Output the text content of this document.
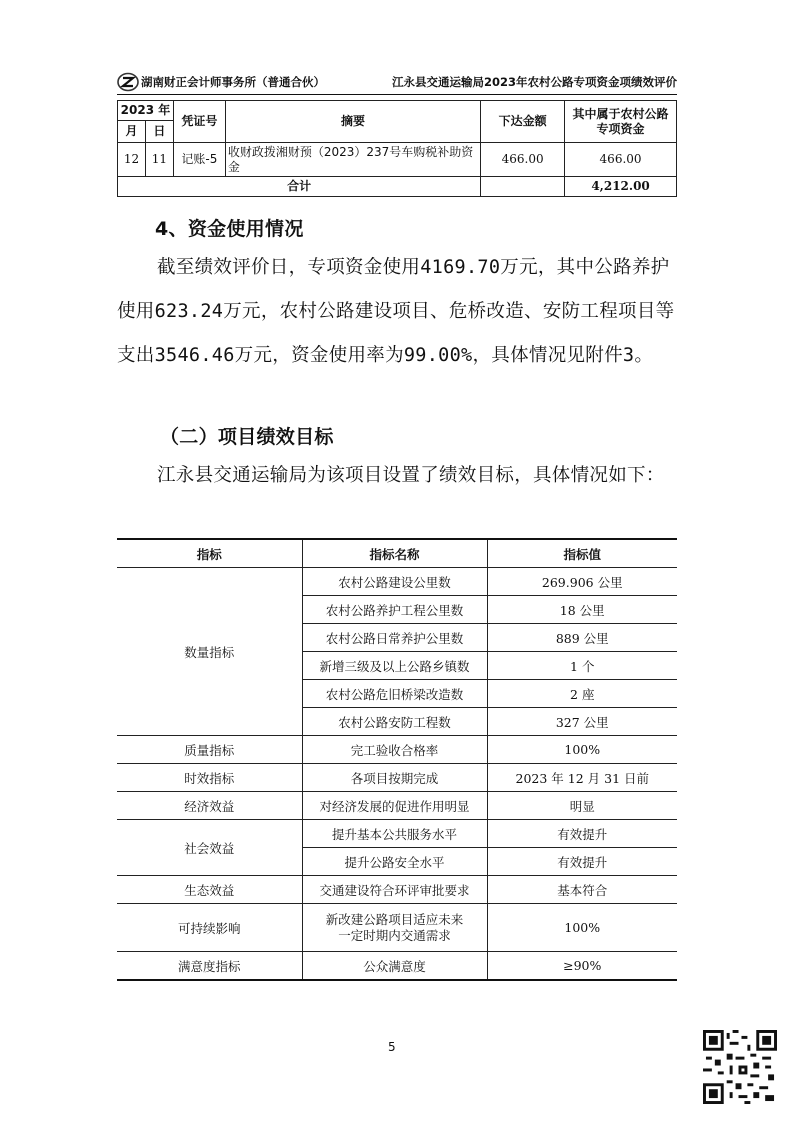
湖南财正会计师事务所（普通合伙）	江永县交通运输局2023年农村公路专项资金项绩效评价
2023 年		凭证号	摘要	下达金额	其中属于农村公路专项资金
月	日				
12	11	记账-5	收财政拨湘财预（2023）237号车购税补助资金	466.00	466.00
合计					4,212.00
4、资金使用情况
截至绩效评价日，专项资金使用4169.70万元，其中公路养护使用623.24万元，农村公路建设项目、危桥改造、安防工程项目等支出3546.46万元，资金使用率为99.00%，具体情况见附件3。
（二）项目绩效目标
江永县交通运输局为该项目设置了绩效目标，具体情况如下：
指标	指标名称	指标值
数量指标	农村公路建设公里数	269.906 公里
	农村公路养护工程公里数	18 公里
	农村公路日常养护公里数	889 公里
	新增三级及以上公路乡镇数	1 个
	农村公路危旧桥梁改造数	2 座
	农村公路安防工程数	327 公里
质量指标	完工验收合格率	100%
时效指标	各项目按期完成	2023 年 12 月 31 日前
经济效益	对经济发展的促进作用明显	明显
社会效益	提升基本公共服务水平	有效提升
	提升公路安全水平	有效提升
生态效益	交通建设符合环评审批要求	基本符合
可持续影响	新改建公路项目适应未来一定时期内交通需求	100%
满意度指标	公众满意度	≥90%
5
